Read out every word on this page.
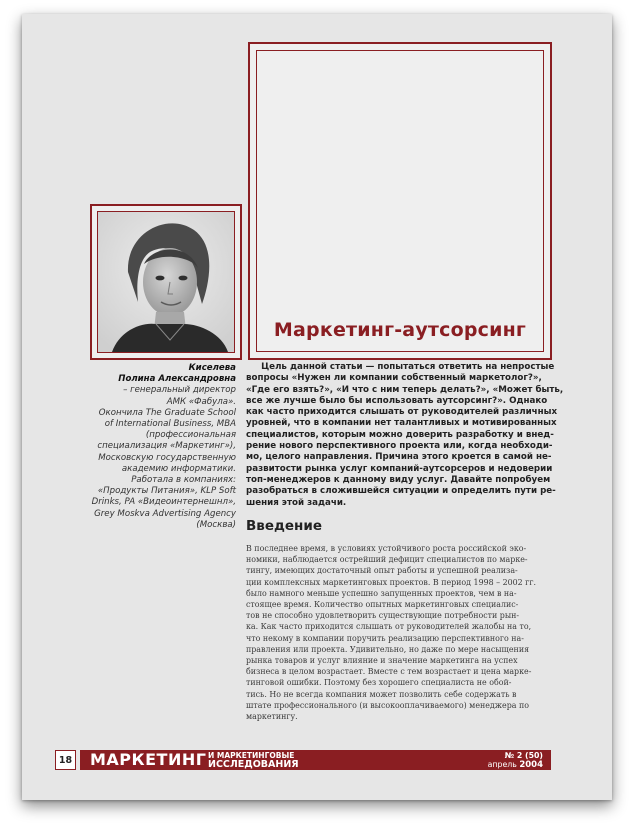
Маркетинг-аутсорсинг
Киселева
Полина Александровна
– генеральный директор
АМК «Фабула».
Окончила The Graduate School
of International Business, MBA
(профессиональная
специализация «Маркетинг»),
Московскую государственную
академию информатики.
Работала в компаниях:
«Продукты Питания», KLP Soft
Drinks, PA «Видеоинтернешнл»,
Grey Moskva Advertising Agency
(Москва)
Цель данной статьи — попытаться ответить на непростые
вопросы «Нужен ли компании собственный маркетолог?»,
«Где его взять?», «И что с ним теперь делать?», «Может быть,
все же лучше было бы использовать аутсорсинг?». Однако
как часто приходится слышать от руководителей различных
уровней, что в компании нет талантливых и мотивированных
специалистов, которым можно доверить разработку и внед-
рение нового перспективного проекта или, когда необходи-
мо, целого направления. Причина этого кроется в самой не-
развитости рынка услуг компаний-аутсорсеров и недоверии
топ-менеджеров к данному виду услуг. Давайте попробуем
разобраться в сложившейся ситуации и определить пути ре-
шения этой задачи.
Введение
В последнее время, в условиях устойчивого роста российской эко-
номики, наблюдается острейший дефицит специалистов по марке-
тингу, имеющих достаточный опыт работы и успешной реализа-
ции комплексных маркетинговых проектов. В период 1998 – 2002 гг.
было намного меньше успешно запущенных проектов, чем в на-
стоящее время. Количество опытных маркетинговых специалис-
тов не способно удовлетворить существующие потребности рын-
ка. Как часто приходится слышать от руководителей жалобы на то,
что некому в компании поручить реализацию перспективного на-
правления или проекта. Удивительно, но даже по мере насыщения
рынка товаров и услуг влияние и значение маркетинга на успех
бизнеса в целом возрастает. Вместе с тем возрастает и цена марке-
тинговой ошибки. Поэтому без хорошего специалиста не обой-
тись. Но не всегда компания может позволить себе содержать в
штате профессионального (и высокооплачиваемого) менеджера по
маркетингу.
18 МАРКЕТИНГ И МАРКЕТИНГОВЫЕ
ИССЛЕДОВАНИЯ
№ 2 (50)
апрель 2004
